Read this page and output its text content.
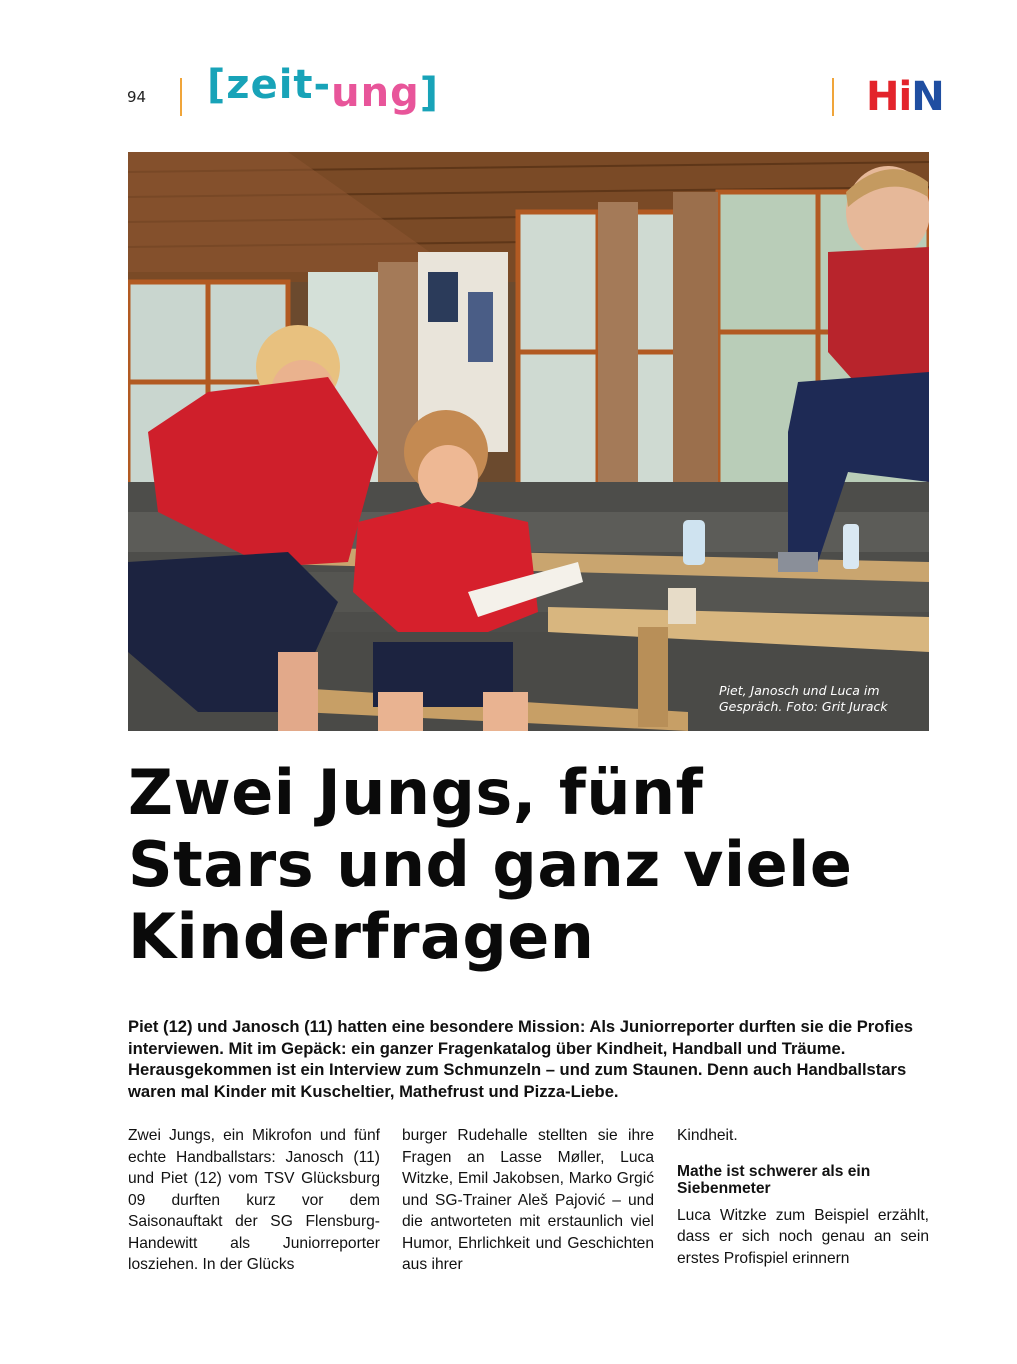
94 [zeit-ung]	HiN
Piet, Janosch und Luca im
Gespräch. Foto: Grit Jurack
Zwei Jungs, fünf
Stars und ganz viele
Kinderfragen
Piet (12) und Janosch (11) hatten eine besondere Mission: Als Juniorreporter durften sie die Profies interviewen. Mit im Gepäck: ein ganzer Fragenkatalog über Kindheit, Handball und Träume. Herausgekommen ist ein Interview zum Schmunzeln – und zum Staunen. Denn auch Handballstars waren mal Kinder mit Kuscheltier, Mathefrust und Pizza-Liebe.

Zwei Jungs, ein Mikrofon und fünf echte Handballstars: Janosch (11) und Piet (12) vom TSV Glücksburg 09 durften kurz vor dem Saisonauftakt der SG Flensburg-Handewitt als Juniorreporter losziehen. In der Glücks

burger Rudehalle stellten sie ihre Fragen an Lasse Møller, Luca Witzke, Emil Jakobsen, Marko Grgić und SG-Trainer Aleš Pajović – und die antworteten mit erstaunlich viel Humor, Ehrlichkeit und Geschichten aus ihrer

Kindheit.

Mathe ist schwerer als ein Siebenmeter

Luca Witzke zum Beispiel erzählt, dass er sich noch genau an sein erstes Profispiel erinnern
